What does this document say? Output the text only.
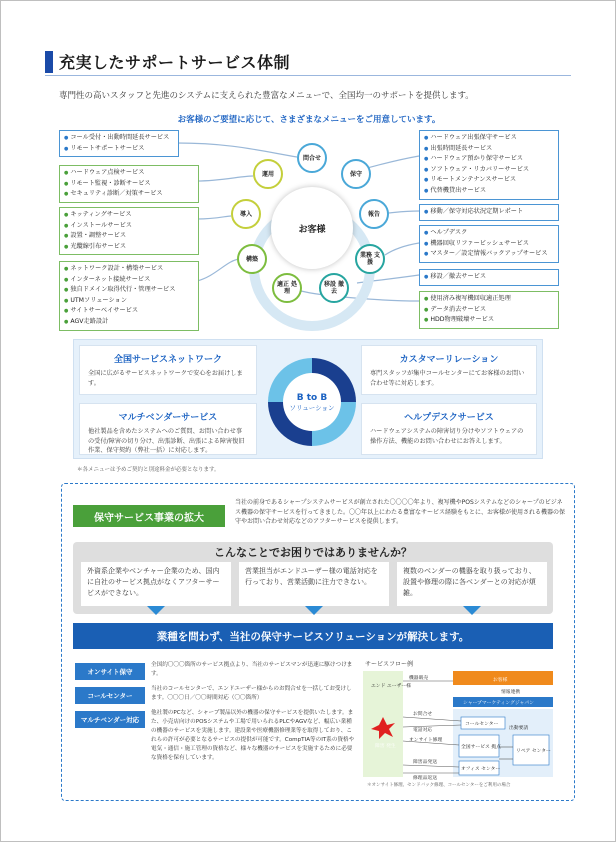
充実したサポートサービス体制
専門性の高いスタッフと先進のシステムに支えられた豊富なメニューで、全国均一のサポートを提供します。
お客様のご要望に応じて、さまざまなメニューをご用意しています。
● コール受付・出動時間延長サービス
● リモートサポートサービス
● ハードウェア点検サービス
● リモート監視・診断サービス
● セキュリティ診断／対策サービス
● キッティングサービス
● インストールサービス
● 設置・調整サービス
● 光纜線引布サービス
● ネットワーク設計・構築サービス
● インターネット接続サービス
● 独自ドメイン取得代行・管理サービス
● UTMソリューション
● サイトサーベイサービス
● AGV走路設計
● ハードウェア出張保守サービス
● 出張時間延長サービス
● ハードウェア預かり保守サービス
● ソフトウェア・リカバリーサービス
● リモートメンテナンスサービス
● 代替機貸出サービス
● 移動／保守対応状況定期レポート
● ヘルプデスク
● 機器回収リファービッシュサービス
● マスター／設定情報バックアップサービス
● 移設／撤去サービス
● 使用済み複写機回収適正処理
● データ消去サービス
● HDD物理破壊サービス
お客様
問合せ
保守
報告
業務 支援
移設 撤去
適正 処理
構築
導入
運用
全国サービスネットワーク

全国に広がるサービスネットワークで安心をお届けします。

カスタマーリレーション

専門スタッフが集中コールセンターにてお客様のお問い合わせ等に対応します。

マルチベンダーサービス

他社製品を含めたシステムへのご質問、お問い合わせ事の受付/障害の切り分け、出張診断、出張による障害復旧作業、保守契約（弊社一括）に対応します。

ヘルプデスクサービス

ハードウェアシステムの障害切り分けやソフトウェアの操作方法、機能のお問い合わせにお答えします。

B to B
ソリューション
＊各メニューは予めご契約と別途料金が必要となります。
保守サービス事業の拡大
当社の前身であるシャープシステムサービスが創立された〇〇〇〇年より、複写機やPOSシステムなどのシャープのビジネス機器の保守サービスを行ってきました。〇〇年以上にわたる豊富なサービス経験をもとに、お客様が使用される機器の保守やお問い合わせ対応などのアフターサービスを提供します。
こんなことでお困りではありませんか？
外資系企業やベンチャー企業のため、国内に自社のサービス拠点がなくアフターサービスができない。
営業担当がエンドユーザー様の電話対応を行っており、営業活動に注力できない。
複数のベンダーの機器を取り扱っており、設置や修理の際に各ベンダーとの対応が煩雑。
業種を問わず、当社の保守サービスソリューションが解決します。
オンサイト保守
全国約〇〇〇箇所のサービス拠点より、当社のサービスマンが迅速に駆けつけます。
コールセンター
当社のコールセンターで、エンドユーザー様からのお問合せを一括してお受けします。〇〇〇日／〇〇時間対応（〇〇箇所）
マルチベンダー対応
他社製のPCなど、シャープ製品以外の機器の保守サービスを提供いたします。また、小売店向けのPOSシステムや工場で用いられるPLCやAGVなど、幅広い業種の機器のサービスを実施します。建設業や医療機器修理業等を取得しており、これらの許可が必要となるサービスの提供が可能です。CompTIA等のIT系の資格や電気・通信・施工管理の資格など、様々な機器のサービスを実施するために必要な資格を保有しています。
サービスフロー例
エンド ユーザー様
障害 発生
お客様
シャープマーケティングジャパン
コールセンター
全国サービス 拠点
オフィス センター
リペア センター
機器販売
情報連携
お問合せ
電話対応
オンサイト修理
出動要請
障害品発送
修理品返送
＊オンサイト修理、センドバック修理、コールセンターをご利用の場合
